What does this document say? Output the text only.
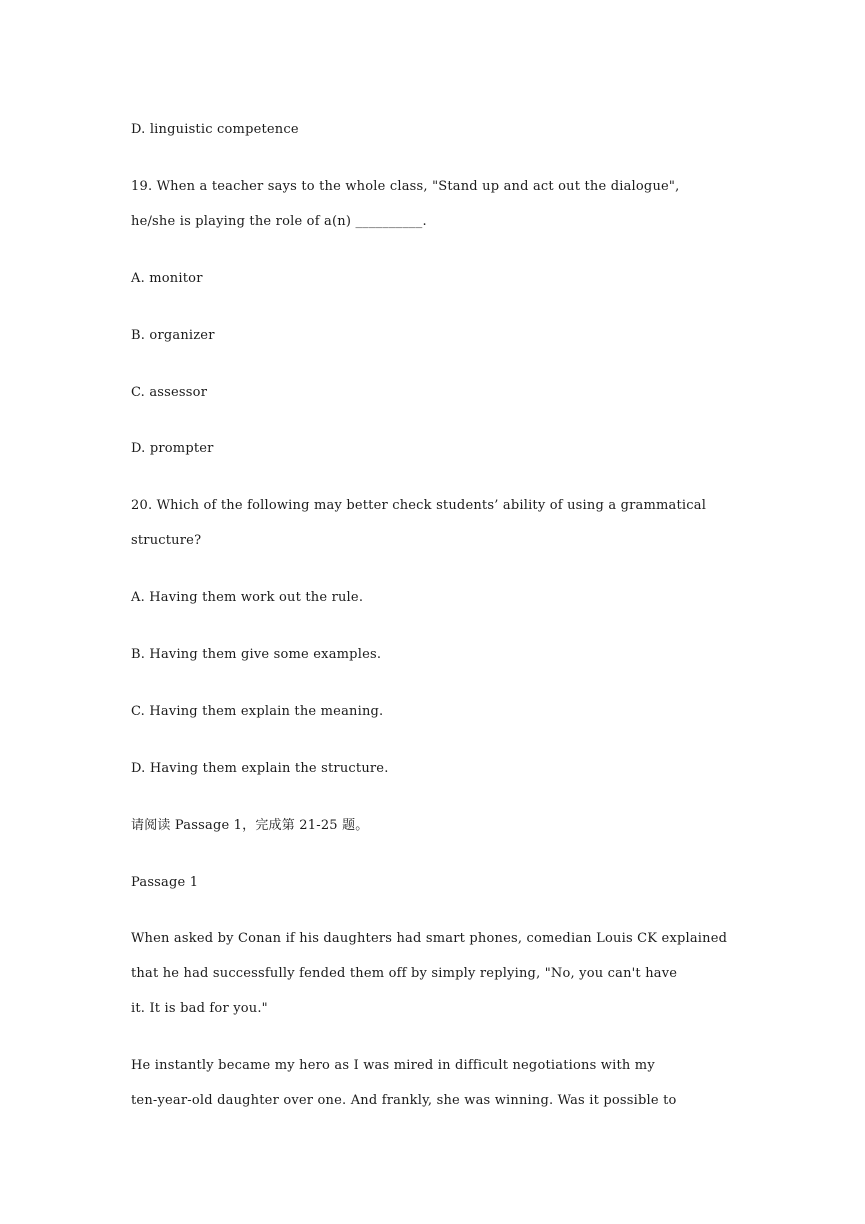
D. linguistic competence
19. When a teacher says to the whole class, "Stand up and act out the dialogue",
he/she is playing the role of a(n) __________.
A. monitor
B. organizer
C. assessor
D. prompter
20. Which of the following may better check students’ ability of using a grammatical
structure?
A. Having them work out the rule.
B. Having them give some examples.
C. Having them explain the meaning.
D. Having them explain the structure.
请阅读 Passage 1，完成第 21-25 题。
Passage 1
When asked by Conan if his daughters had smart phones, comedian Louis CK explained
that he had successfully fended them off by simply replying, "No, you can't have
it. It is bad for you."
He instantly became my hero as I was mired in difficult negotiations with my
ten-year-old daughter over one. And frankly, she was winning. Was it possible to
